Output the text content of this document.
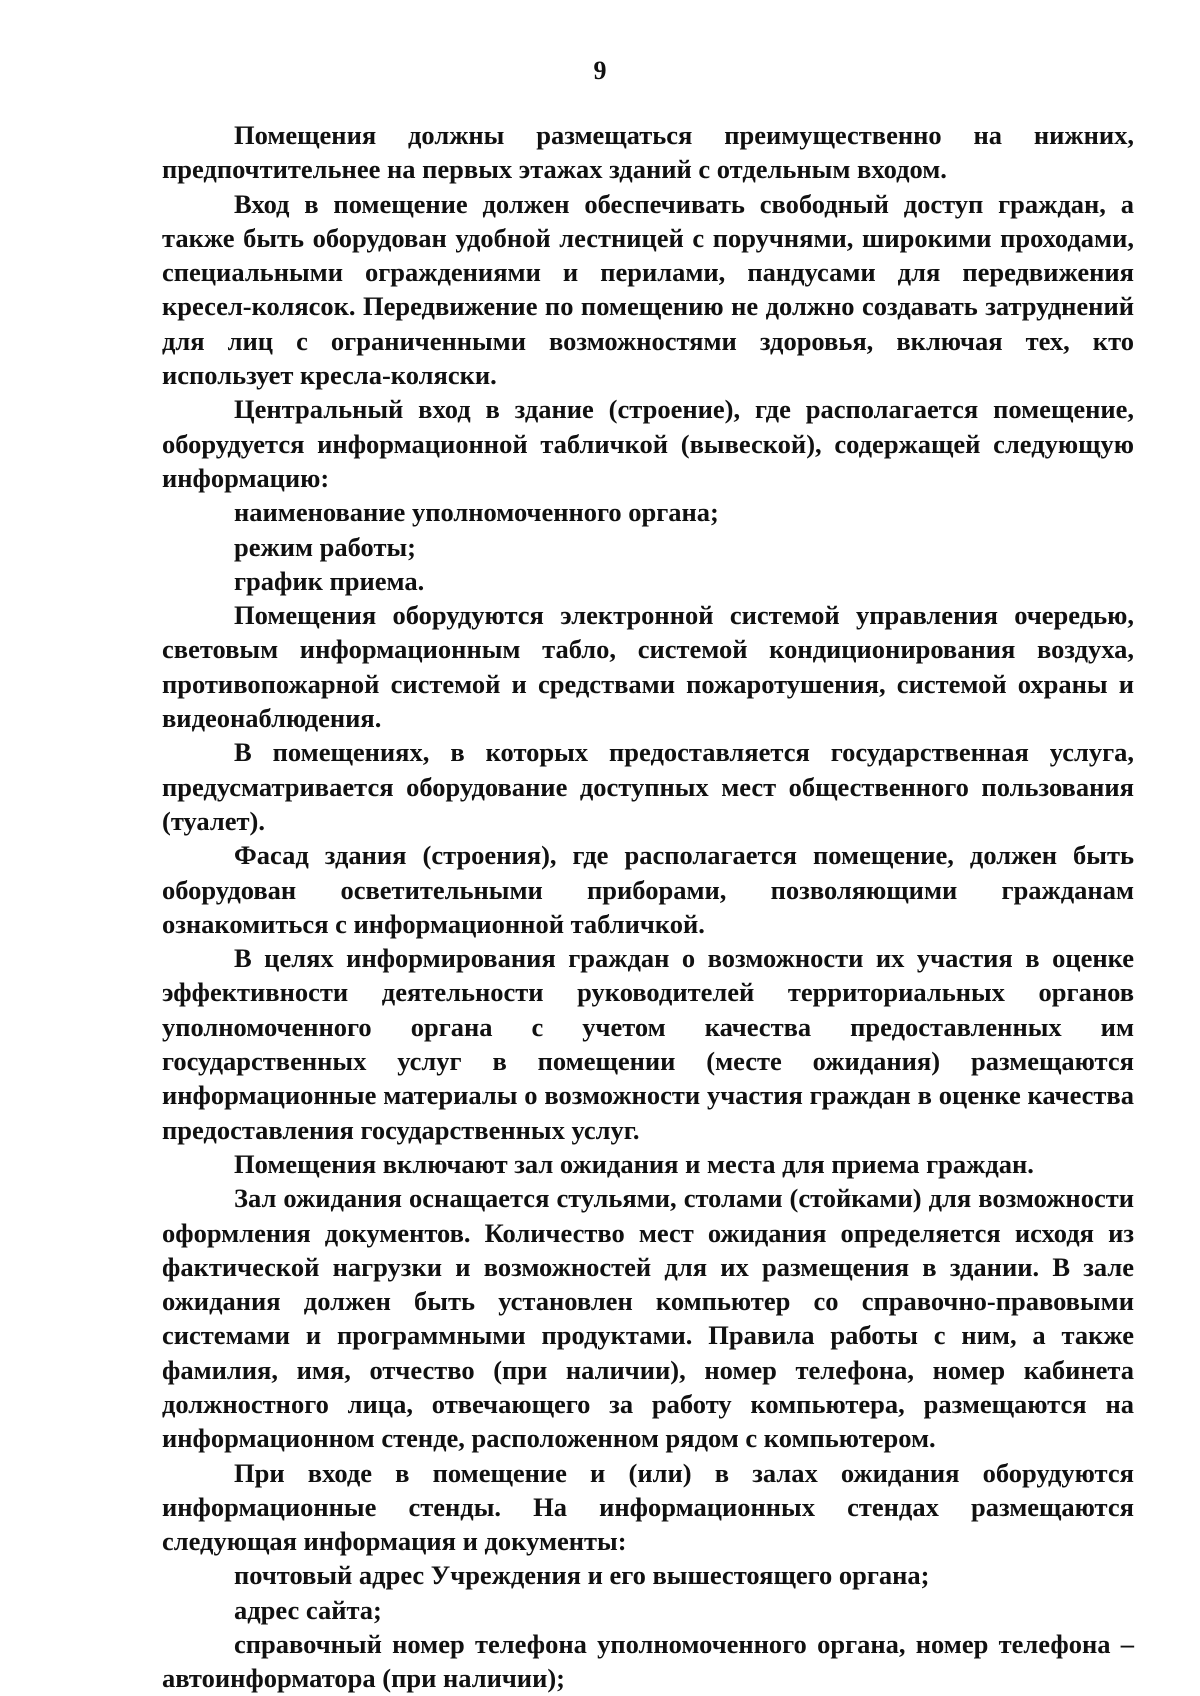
9

Помещения должны размещаться преимущественно на нижних, предпочтительнее на первых этажах зданий с отдельным входом.

Вход в помещение должен обеспечивать свободный доступ граждан, а также быть оборудован удобной лестницей с поручнями, широкими проходами, специальными ограждениями и перилами, пандусами для передвижения кресел-колясок. Передвижение по помещению не должно создавать затруднений для лиц с ограниченными возможностями здоровья, включая тех, кто использует кресла-коляски.

Центральный вход в здание (строение), где располагается помещение, оборудуется информационной табличкой (вывеской), содержащей следующую информацию:

наименование уполномоченного органа;

режим работы;

график приема.

Помещения оборудуются электронной системой управления очередью, световым информационным табло, системой кондиционирования воздуха, противопожарной системой и средствами пожаротушения, системой охраны и видеонаблюдения.

В помещениях, в которых предоставляется государственная услуга, предусматривается оборудование доступных мест общественного пользования (туалет).

Фасад здания (строения), где располагается помещение, должен быть оборудован осветительными приборами, позволяющими гражданам ознакомиться с информационной табличкой.

В целях информирования граждан о возможности их участия в оценке эффективности деятельности руководителей территориальных органов уполномоченного органа с учетом качества предоставленных им государственных услуг в помещении (месте ожидания) размещаются информационные материалы о возможности участия граждан в оценке качества предоставления государственных услуг.

Помещения включают зал ожидания и места для приема граждан.

Зал ожидания оснащается стульями, столами (стойками) для возможности оформления документов. Количество мест ожидания определяется исходя из фактической нагрузки и возможностей для их размещения в здании. В зале ожидания должен быть установлен компьютер со справочно-правовыми системами и программными продуктами. Правила работы с ним, а также фамилия, имя, отчество (при наличии), номер телефона, номер кабинета должностного лица, отвечающего за работу компьютера, размещаются на информационном стенде, расположенном рядом с компьютером.

При входе в помещение и (или) в залах ожидания оборудуются информационные стенды. На информационных стендах размещаются следующая информация и документы:

почтовый адрес Учреждения и его вышестоящего органа;

адрес сайта;

справочный номер телефона уполномоченного органа, номер телефона – автоинформатора (при наличии);
